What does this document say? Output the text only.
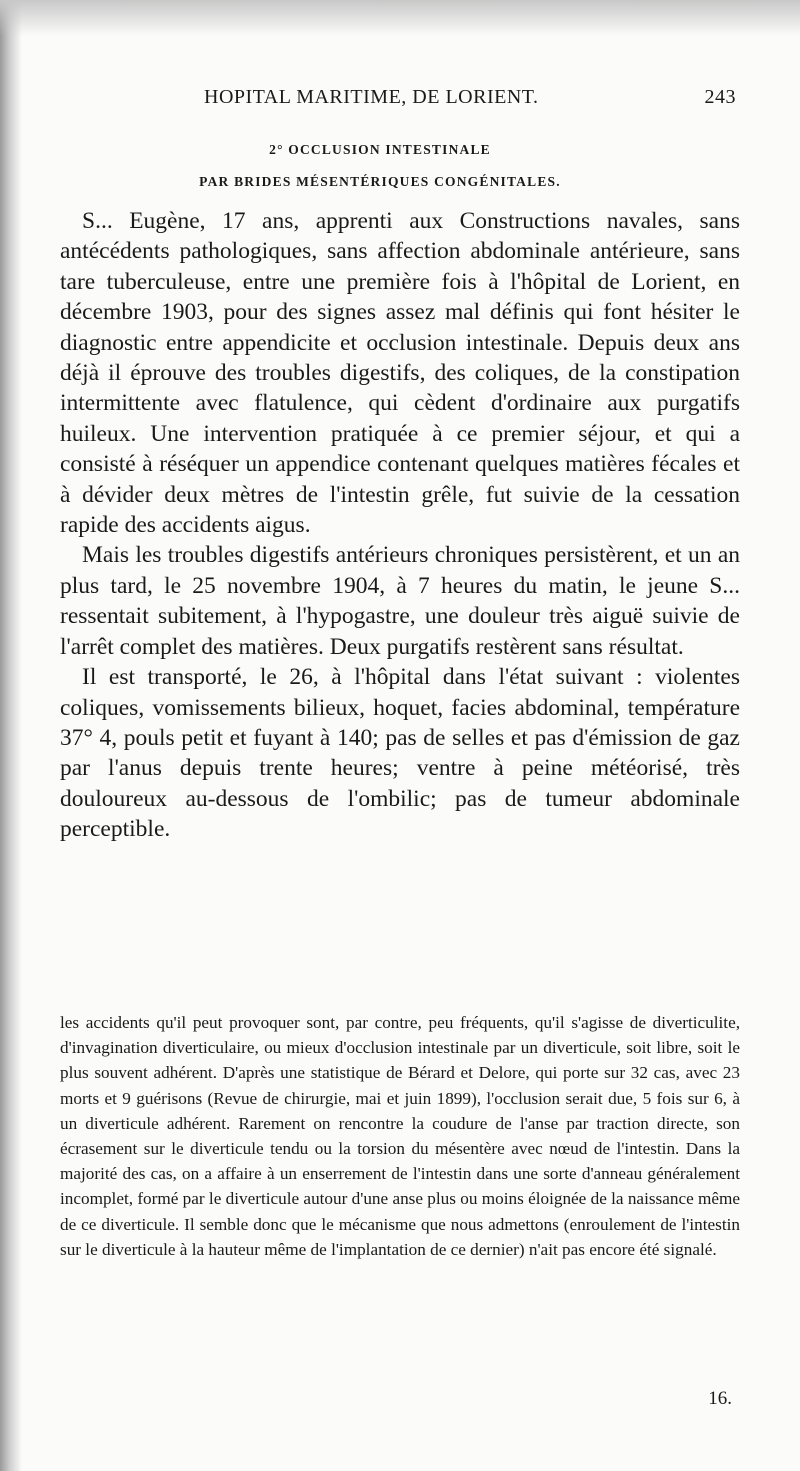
HOPITAL MARITIME, DE LORIENT.	243
2° OCCLUSION INTESTINALE
PAR BRIDES MÉSENTÉRIQUES CONGÉNITALES.

S... Eugène, 17 ans, apprenti aux Constructions navales, sans antécédents pathologiques, sans affection abdominale antérieure, sans tare tuberculeuse, entre une première fois à l'hôpital de Lorient, en décembre 1903, pour des signes assez mal définis qui font hésiter le diagnostic entre appendicite et occlusion intestinale. Depuis deux ans déjà il éprouve des troubles digestifs, des coliques, de la constipation intermittente avec flatulence, qui cèdent d'ordinaire aux purgatifs huileux. Une intervention pratiquée à ce premier séjour, et qui a consisté à réséquer un appendice contenant quelques matières fécales et à dévider deux mètres de l'intestin grêle, fut suivie de la cessation rapide des accidents aigus.

Mais les troubles digestifs antérieurs chroniques persistèrent, et un an plus tard, le 25 novembre 1904, à 7 heures du matin, le jeune S... ressentait subitement, à l'hypogastre, une douleur très aiguë suivie de l'arrêt complet des matières. Deux purgatifs restèrent sans résultat.

Il est transporté, le 26, à l'hôpital dans l'état suivant : violentes coliques, vomissements bilieux, hoquet, facies abdominal, température 37° 4, pouls petit et fuyant à 140; pas de selles et pas d'émission de gaz par l'anus depuis trente heures; ventre à peine météorisé, très douloureux au-dessous de l'ombilic; pas de tumeur abdominale perceptible.

les accidents qu'il peut provoquer sont, par contre, peu fréquents, qu'il s'agisse de diverticulite, d'invagination diverticulaire, ou mieux d'occlusion intestinale par un diverticule, soit libre, soit le plus souvent adhérent. D'après une statistique de Bérard et Delore, qui porte sur 32 cas, avec 23 morts et 9 guérisons (Revue de chirurgie, mai et juin 1899), l'occlusion serait due, 5 fois sur 6, à un diverticule adhérent. Rarement on rencontre la coudure de l'anse par traction directe, son écrasement sur le diverticule tendu ou la torsion du mésentère avec nœud de l'intestin. Dans la majorité des cas, on a affaire à un enserrement de l'intestin dans une sorte d'anneau généralement incomplet, formé par le diverticule autour d'une anse plus ou moins éloignée de la naissance même de ce diverticule. Il semble donc que le mécanisme que nous admettons (enroulement de l'intestin sur le diverticule à la hauteur même de l'implantation de ce dernier) n'ait pas encore été signalé.

16.
